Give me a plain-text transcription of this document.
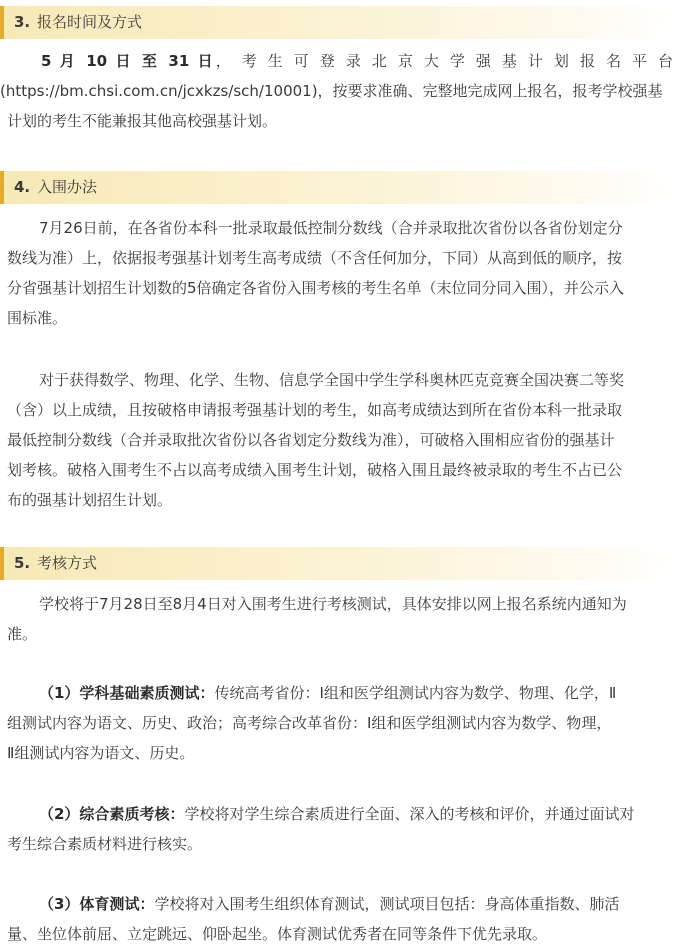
3. 报名时间及方式
5 月 10 日 至 31 日， 考 生 可 登 录 北 京 大 学 强 基 计 划 报 名 平 台
(https://bm.chsi.com.cn/jcxkzs/sch/10001)，按要求准确、完整地完成网上报名，报考学校强基
计划的考生不能兼报其他高校强基计划。
4. 入围办法
7月26日前，在各省份本科一批录取最低控制分数线（合并录取批次省份以各省份划定分
数线为准）上，依据报考强基计划考生高考成绩（不含任何加分，下同）从高到低的顺序，按
分省强基计划招生计划数的5倍确定各省份入围考核的考生名单（末位同分同入围），并公示入
围标准。
对于获得数学、物理、化学、生物、信息学全国中学生学科奥林匹克竞赛全国决赛二等奖
（含）以上成绩，且按破格申请报考强基计划的考生，如高考成绩达到所在省份本科一批录取
最低控制分数线（合并录取批次省份以各省划定分数线为准），可破格入围相应省份的强基计
划考核。破格入围考生不占以高考成绩入围考生计划，破格入围且最终被录取的考生不占已公
布的强基计划招生计划。
5. 考核方式
学校将于7月28日至8月4日对入围考生进行考核测试，具体安排以网上报名系统内通知为
准。
（1）学科基础素质测试：传统高考省份：Ⅰ组和医学组测试内容为数学、物理、化学，Ⅱ
组测试内容为语文、历史、政治；高考综合改革省份：Ⅰ组和医学组测试内容为数学、物理，
Ⅱ组测试内容为语文、历史。
（2）综合素质考核：学校将对学生综合素质进行全面、深入的考核和评价，并通过面试对
考生综合素质材料进行核实。
（3）体育测试：学校将对入围考生组织体育测试，测试项目包括：身高体重指数、肺活
量、坐位体前屈、立定跳远、仰卧起坐。体育测试优秀者在同等条件下优先录取。
